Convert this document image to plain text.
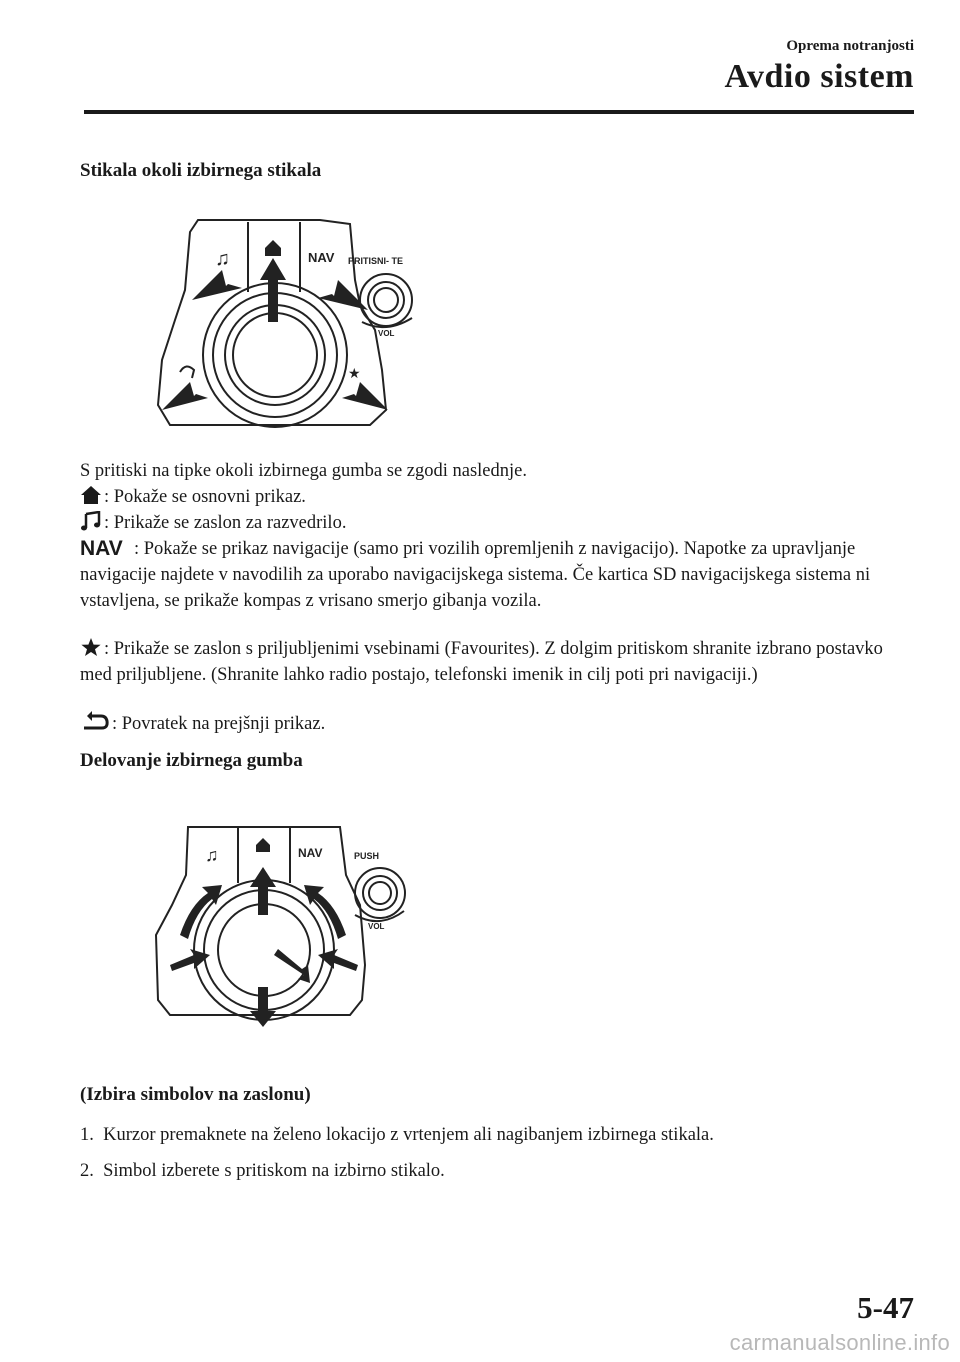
Oprema notranjosti
Avdio sistem
Stikala okoli izbirnega stikala
NAV PRITISNI- TE
VOL
♫
★
S pritiski na tipke okoli izbirnega gumba se zgodi naslednje.
: Pokaže se osnovni prikaz.
: Prikaže se zaslon za razvedrilo.
NAV : Pokaže se prikaz navigacije (samo pri vozilih opremljenih z navigacijo). Napotke za upravljanje navigacije najdete v navodilih za uporabo navigacijskega sistema. Če kartica SD navigacijskega sistema ni vstavljena, se prikaže kompas z vrisano smerjo gibanja vozila.
: Prikaže se zaslon s priljubljenimi vsebinami (Favourites). Z dolgim pritiskom shranite izbrano postavko med priljubljene. (Shranite lahko radio postajo, telefonski imenik in cilj poti pri navigaciji.)
: Povratek na prejšnji prikaz.
Delovanje izbirnega gumba
NAV	PUSH
VOL
♫
(Izbira simbolov na zaslonu)
1. Kurzor premaknete na želeno lokacijo z vrtenjem ali nagibanjem izbirnega stikala.
2. Simbol izberete s pritiskom na izbirno stikalo.
5-47
carmanualsonline.info
